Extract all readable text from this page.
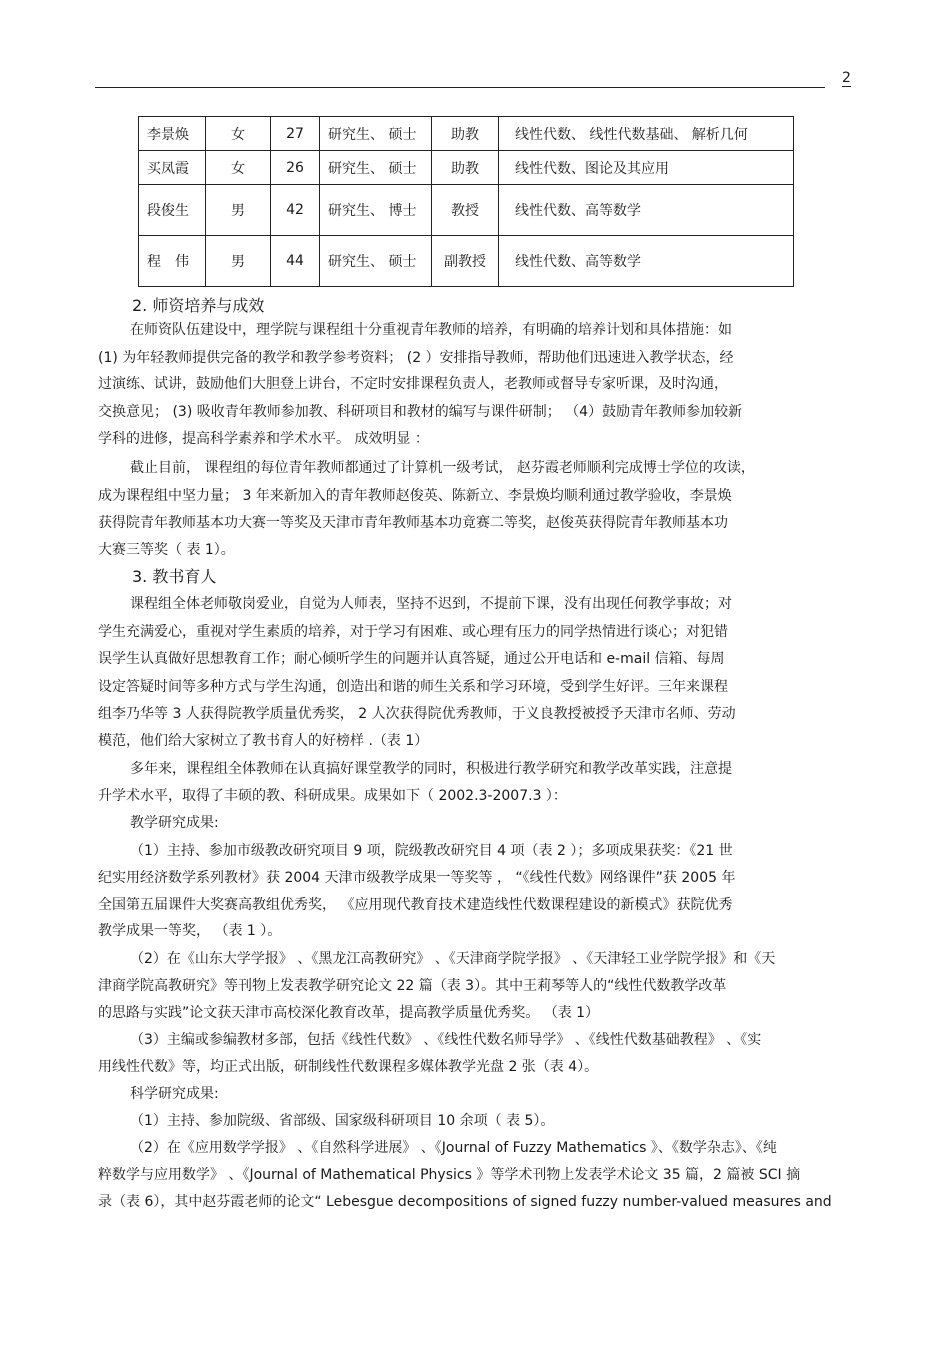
2
李景焕	女	27	研究生、 硕士	助教	线性代数、 线性代数基础、 解析几何
买凤霞	女	26	研究生、 硕士	助教	线性代数、图论及其应用
段俊生	男	42	研究生、 博士	教授	线性代数、高等数学
程　伟	男	44	研究生、 硕士	副教授	线性代数、高等数学
2. 师资培养与成效
在师资队伍建设中，理学院与课程组十分重视青年教师的培养，有明确的培养计划和具体措施：如
(1) 为年轻教师提供完备的教学和教学参考资料； (2 ）安排指导教师，帮助他们迅速进入教学状态，经
过演练、试讲，鼓励他们大胆登上讲台，不定时安排课程负责人，老教师或督导专家听课，及时沟通，
交换意见； (3) 吸收青年教师参加教、科研项目和教材的编写与课件研制； （4）鼓励青年教师参加较新
学科的进修，提高科学素养和学术水平。 成效明显 ：
截止目前， 课程组的每位青年教师都通过了计算机一级考试， 赵芬霞老师顺利完成博士学位的攻读，
成为课程组中坚力量； 3 年来新加入的青年教师赵俊英、陈新立、李景焕均顺利通过教学验收，李景焕
获得院青年教师基本功大赛一等奖及天津市青年教师基本功竟赛二等奖，赵俊英获得院青年教师基本功
大赛三等奖（ 表 1）。
3. 教书育人
课程组全体老师敬岗爱业，自觉为人师表，坚持不迟到，不提前下课，没有出现任何教学事故；对
学生充满爱心，重视对学生素质的培养，对于学习有困难、或心理有压力的同学热情进行谈心；对犯错
误学生认真做好思想教育工作；耐心倾听学生的问题并认真答疑，通过公开电话和 e-mail 信箱、每周
设定答疑时间等多种方式与学生沟通，创造出和谐的师生关系和学习环境，受到学生好评。三年来课程
组李乃华等 3 人获得院教学质量优秀奖， 2 人次获得院优秀教师，于义良教授被授予天津市名师、劳动
模范，他们给大家树立了教书育人的好榜样 .（表 1）
多年来，课程组全体教师在认真搞好课堂教学的同时，积极进行教学研究和教学改革实践，注意提
升学术水平，取得了丰硕的教、科研成果。成果如下（ 2002.3-2007.3 ）：
教学研究成果:
（1）主持、参加市级教改研究项目 9 项，院级教改研究目 4 项（表 2 ）；多项成果获奖：《21 世
纪实用经济数学系列教材》获 2004 天津市级教学成果一等奖等 ， “《线性代数》网络课件”获 2005 年
全国第五届课件大奖赛高教组优秀奖， 《应用现代教育技术建造线性代数课程建设的新模式》获院优秀
教学成果一等奖， （表 1 ）。
（2）在《山东大学学报》 、《黑龙江高教研究》 、《天津商学院学报》 、《天津轻工业学院学报》和《天
津商学院高教研究》等刊物上发表教学研究论文 22 篇（表 3）。其中王莉琴等人的“线性代数教学改革
的思路与实践”论文获天津市高校深化教育改革，提高教学质量优秀奖。 （表 1）
（3）主编或参编教材多部，包括《线性代数》 、《线性代数名师导学》 、《线性代数基础教程》 、《实
用线性代数》等，均正式出版，研制线性代数课程多媒体教学光盘 2 张（表 4）。
科学研究成果:
（1）主持、参加院级、省部级、国家级科研项目 10 余项（ 表 5）。
（2）在《应用数学学报》 、《自然科学进展》 、《Journal of Fuzzy Mathematics 》、《数学杂志》、《纯
粹数学与应用数学》 、《Journal of Mathematical Physics 》等学术刊物上发表学术论文 35 篇，2 篇被 SCI 摘
录（表 6），其中赵芬霞老师的论文“ Lebesgue decompositions of signed fuzzy number-valued measures and
